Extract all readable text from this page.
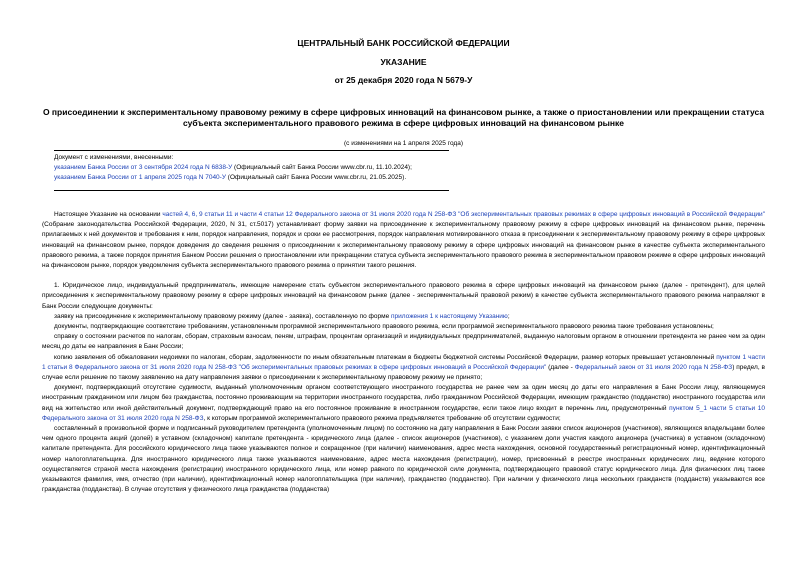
ЦЕНТРАЛЬНЫЙ БАНК РОССИЙСКОЙ ФЕДЕРАЦИИ
УКАЗАНИЕ
от 25 декабря 2020 года N 5679-У
О присоединении к экспериментальному правовому режиму в сфере цифровых инноваций на финансовом рынке, а также о приостановлении или прекращении статуса субъекта экспериментального правового режима в сфере цифровых инноваций на финансовом рынке
(с изменениями на 1 апреля 2025 года)
Документ с изменениями, внесенными:
указанием Банка России от 3 сентября 2024 года N 6838-У (Официальный сайт Банка России www.cbr.ru, 11.10.2024);
указанием Банка России от 1 апреля 2025 года N 7040-У (Официальный сайт Банка России www.cbr.ru, 21.05.2025).

Настоящее Указание на основании частей 4, 6, 9 статьи 11 и части 4 статьи 12 Федерального закона от 31 июля 2020 года N 258-ФЗ "Об экспериментальных правовых режимах в сфере цифровых инноваций в Российской Федерации" (Собрание законодательства Российской Федерации, 2020, N 31, ст.5017) устанавливает форму заявки на присоединение к экспериментальному правовому режиму в сфере цифровых инноваций на финансовом рынке, перечень прилагаемых к ней документов и требования к ним, порядок направления, порядок и сроки ее рассмотрения, порядок направления мотивированного отказа в присоединении к экспериментальному правовому режиму в сфере цифровых инноваций на финансовом рынке, порядок доведения до сведения решения о присоединении к экспериментальному правовому режиму в сфере цифровых инноваций на финансовом рынке в качестве субъекта экспериментального правового режима, а также порядок принятия Банком России решения о приостановлении или прекращении статуса субъекта экспериментального правового режима в экспериментальном правовом режиме в сфере цифровых инноваций на финансовом рынке, порядок уведомления субъекта экспериментального правового режима о принятии такого решения.

1. Юридическое лицо, индивидуальный предприниматель, имеющие намерение стать субъектом экспериментального правового режима в сфере цифровых инноваций на финансовом рынке (далее - претендент), для целей присоединения к экспериментальному правовому режиму в сфере цифровых инноваций на финансовом рынке (далее - экспериментальный правовой режим) в качестве субъекта экспериментального правового режима направляют в Банк России следующие документы:

заявку на присоединение к экспериментальному правовому режиму (далее - заявка), составленную по форме приложения 1 к настоящему Указанию;

документы, подтверждающие соответствие требованиям, установленным программой экспериментального правового режима, если программой экспериментального правового режима такие требования установлены;

справку о состоянии расчетов по налогам, сборам, страховым взносам, пеням, штрафам, процентам организаций и индивидуальных предпринимателей, выданную налоговым органом в отношении претендента не ранее чем за один месяц до даты ее направления в Банк России;

копию заявления об обжаловании недоимки по налогам, сборам, задолженности по иным обязательным платежам в бюджеты бюджетной системы Российской Федерации, размер которых превышает установленный пунктом 1 части 1 статьи 8 Федерального закона от 31 июля 2020 года N 258-ФЗ "Об экспериментальных правовых режимах в сфере цифровых инноваций в Российской Федерации" (далее - Федеральный закон от 31 июля 2020 года N 258-ФЗ) предел, в случае если решение по такому заявлению на дату направления заявки о присоединении к экспериментальному правовому режиму не принято;

документ, подтверждающий отсутствие судимости, выданный уполномоченным органом соответствующего иностранного государства не ранее чем за один месяц до даты его направления в Банк России лицу, являющемуся иностранным гражданином или лицом без гражданства, постоянно проживающим на территории иностранного государства, либо гражданином Российской Федерации, имеющим гражданство (подданство) иностранного государства или вид на жительство или иной действительный документ, подтверждающий право на его постоянное проживание в иностранном государстве, если такое лицо входит в перечень лиц, предусмотренный пунктом 5_1 части 5 статьи 10 Федерального закона от 31 июля 2020 года N 258-ФЗ, к которым программой экспериментального правового режима предъявляется требование об отсутствии судимости;

составленный в произвольной форме и подписанный руководителем претендента (уполномоченным лицом) по состоянию на дату направления в Банк России заявки список акционеров (участников), являющихся владельцами более чем одного процента акций (долей) в уставном (складочном) капитале претендента - юридического лица (далее - список акционеров (участников), с указанием доли участия каждого акционера (участника) в уставном (складочном) капитале претендента. Для российского юридического лица также указываются полное и сокращенное (при наличии) наименования, адрес места нахождения, основной государственный регистрационный номер, идентификационный номер налогоплательщика. Для иностранного юридического лица также указываются наименование, адрес места нахождения (регистрации), номер, присвоенный в реестре иностранных юридических лиц, ведение которого осуществляется страной места нахождения (регистрации) иностранного юридического лица, или номер равного по юридической силе документа, подтверждающего правовой статус юридического лица. Для физических лиц также указываются фамилия, имя, отчество (при наличии), идентификационный номер налогоплательщика (при наличии), гражданство (подданство). При наличии у физического лица нескольких гражданств (подданств) указываются все гражданства (подданства). В случае отсутствия у физического лица гражданства (подданства)
